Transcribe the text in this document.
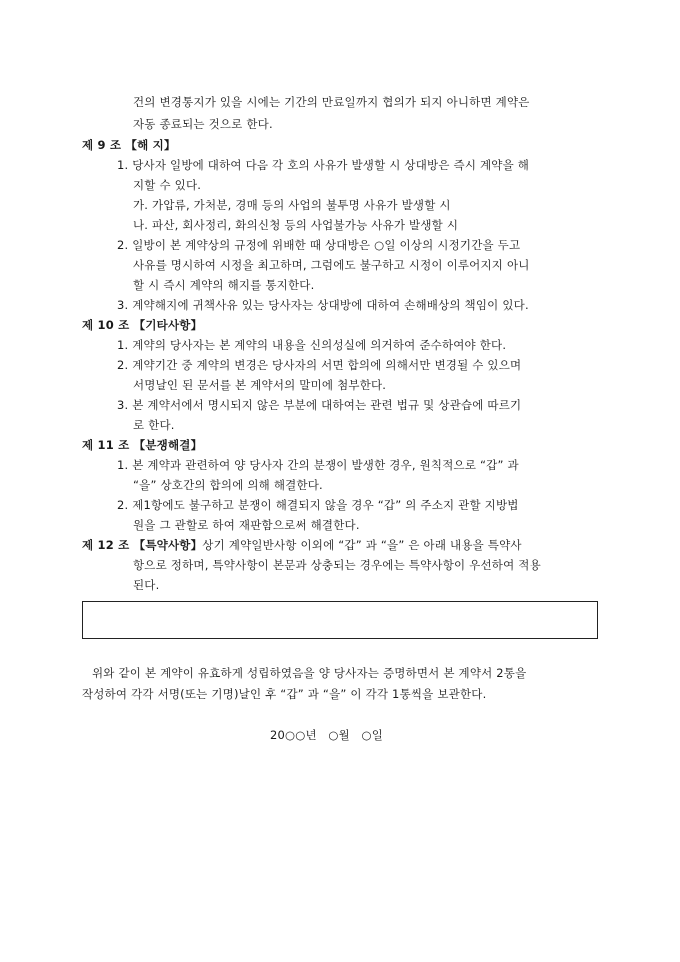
건의 변경통지가 있을 시에는 기간의 만료일까지 협의가 되지 아니하면 계약은
자동 종료되는 것으로 한다.
제 9 조 【해 지】
1. 당사자 일방에 대하여 다음 각 호의 사유가 발생할 시 상대방은 즉시 계약을 해
지할 수 있다.
가. 가압류, 가처분, 경매 등의 사업의 불투명 사유가 발생할 시
나. 파산, 회사정리, 화의신청 등의 사업불가능 사유가 발생할 시
2. 일방이 본 계약상의 규정에 위배한 때 상대방은 ○일 이상의 시정기간을 두고
사유를 명시하여 시정을 최고하며, 그럼에도 불구하고 시정이 이루어지지 아니
할 시 즉시 계약의 해지를 통지한다.
3. 계약해지에 귀책사유 있는 당사자는 상대방에 대하여 손해배상의 책임이 있다.
제 10 조 【기타사항】
1. 계약의 당사자는 본 계약의 내용을 신의성실에 의거하여 준수하여야 한다.
2. 계약기간 중 계약의 변경은 당사자의 서면 합의에 의해서만 변경될 수 있으며
서명날인 된 문서를 본 계약서의 말미에 첨부한다.
3. 본 계약서에서 명시되지 않은 부분에 대하여는 관련 법규 및 상관습에 따르기
로 한다.
제 11 조 【분쟁해결】
1. 본 계약과 관련하여 양 당사자 간의 분쟁이 발생한 경우, 원칙적으로 “갑” 과
“을” 상호간의 합의에 의해 해결한다.
2. 제1항에도 불구하고 분쟁이 해결되지 않을 경우 “갑” 의 주소지 관할 지방법
원을 그 관할로 하여 재판함으로써 해결한다.
제 12 조 【특약사항】상기 계약일반사항 이외에 “갑” 과 “을” 은 아래 내용을 특약사
항으로 정하며, 특약사항이 본문과 상충되는 경우에는 특약사항이 우선하여 적용
된다.
위와 같이 본 계약이 유효하게 성립하였음을 양 당사자는 증명하면서 본 계약서 2통을
작성하여 각각 서명(또는 기명)날인 후 “갑” 과 “을” 이 각각 1통씩을 보관한다.
20○○년   ○월   ○일
